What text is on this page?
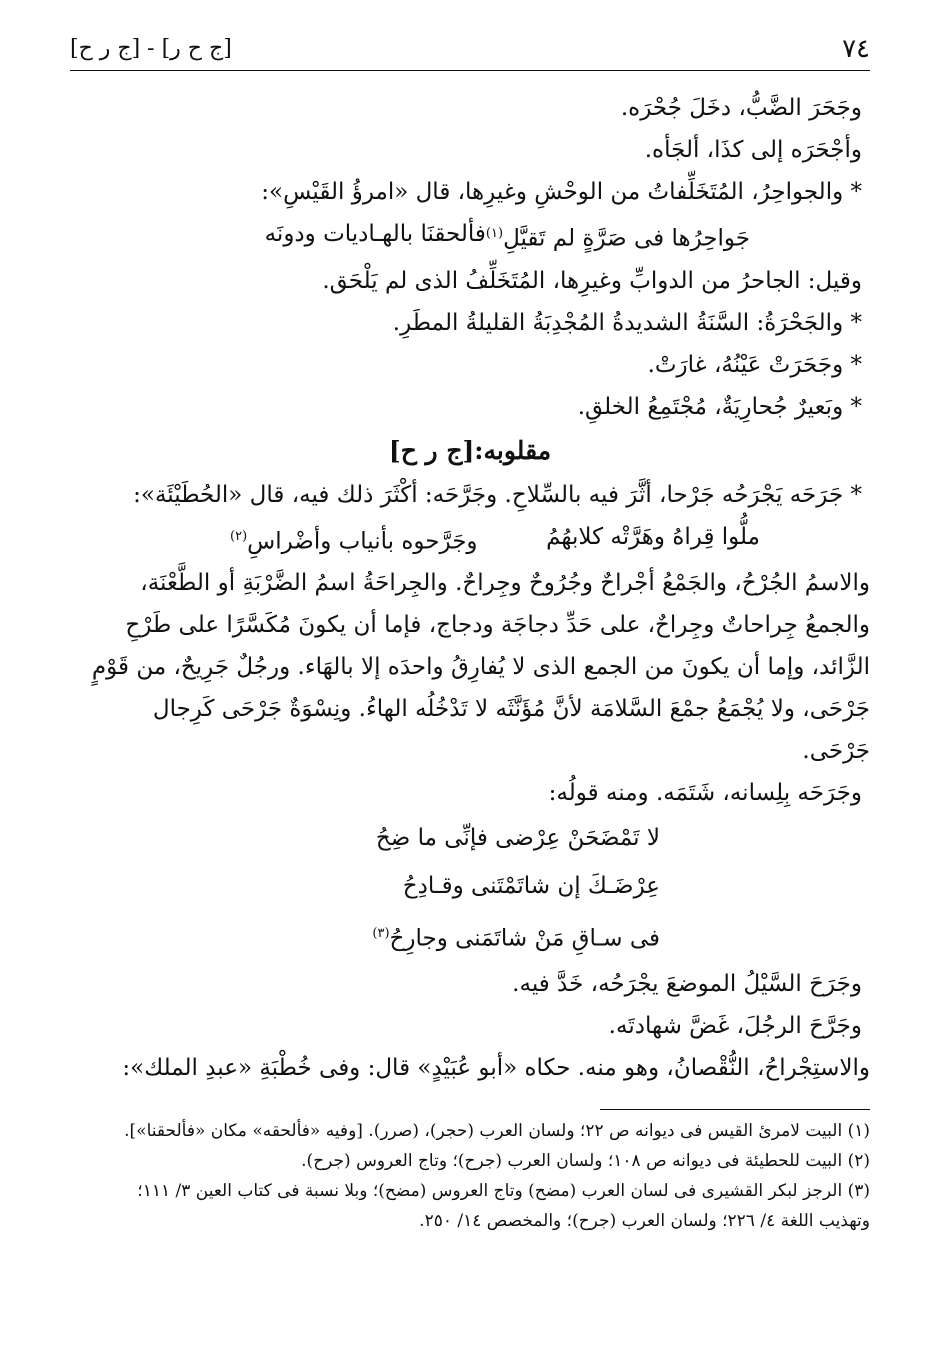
٧٤
[ج ح ر] - [ج ر ح]
وجَحَرَ الضَّبُّ، دخَلَ جُحْرَه.
وأجْحَرَه إلى كذَا، ألجَأه.
* والجواحِرُ، المُتَخَلِّفاتُ من الوحْشِ وغيرِها، قال «امرؤُ القَيْسِ»:
جَواحِرُها فى صَرَّةٍ لم تَقيَّلِ$^{(١)}$
فألحقنَا بالهـاديات ودونَه
وقيل: الجاحرُ من الدوابِّ وغيرِها، المُتَخَلِّفُ الذى لم يَلْحَق.
* والجَحْرَةُ: السَّنَةُ الشديدةُ المُجْدِبَةُ القليلةُ المطَرِ.
* وجَحَرَتْ عَيْنُهُ، غارَتْ.
* وبَعيرٌ جُحارِيَةٌ، مُجْتَمِعُ الخلقِ.
مقلوبه:[ج ر ح]
* جَرَحَه يَجْرَحُه جَرْحا، أثَّرَ فيه بالسِّلاحِ. وجَرَّحَه: أكْثَرَ ذلك فيه، قال «الحُطَيْئَة»:
ملُّوا قِراهُ وهَرَّتْه كلابهُمُ
وجَرَّحوه بأنياب وأضْراسِ$^{(٢)}$
والاسمُ الجُرْحُ، والجَمْعُ أجْراحٌ وجُرُوحٌ وجِراحٌ. والجِراحَةُ اسمُ الضَّرْبَةِ أو الطَّعْنَة،
والجمعُ جِراحاتٌ وجِراحٌ، على حَدِّ دجاجَة ودجاج، فإما أن يكونَ مُكَسَّرًا على طَرْحِ
الزَّائد، وإما أن يكونَ من الجمع الذى لا يُفارِقُ واحدَه إلا بالهَاء. ورجُلٌ جَرِيحٌ، من قَوْمٍ
جَرْحَى، ولا يُجْمَعُ جمْعَ السَّلامَة لأنَّ مُؤَنَّثَه لا تَدْخُلُه الهاءُ. ونِسْوَةٌ جَرْحَى كَرِجال
جَرْحَى.
وجَرَحَه بِلِسانه، شَتَمَه. ومنه قولُه:
لا تَمْضَحَنْ عِرْضى فإنِّى ما ضِحُ
عِرْضَـكَ إن شاتَمْتَنى وقـادِحُ
فى سـاقِ مَنْ شاتَمَنى وجارِحُ$^{(٣)}$
وجَرَحَ السَّيْلُ الموضعَ يجْرَحُه، خَدَّ فيه.
وجَرَّحَ الرجُلَ، غَضَّ شهادتَه.
والاستِجْراحُ، النُّقْصانُ، وهو منه. حكاه «أبو عُبَيْدٍ» قال: وفى خُطْبَةِ «عبدِ الملك»:
(١) البيت لامرئ القيس فى ديوانه ص ٢٢؛ ولسان العرب (حجر)، (صرر). [وفيه «فألحقه» مكان «فألحقنا»].
(٢) البيت للحطيئة فى ديوانه ص ١٠٨؛ ولسان العرب (جرح)؛ وتاج العروس (جرح).
(٣) الرجز لبكر القشيرى فى لسان العرب (مضح) وتاج العروس (مضح)؛ وبلا نسبة فى كتاب العين ٣/ ١١١؛
وتهذيب اللغة ٤/ ٢٢٦؛ ولسان العرب (جرح)؛ والمخصص ١٤/ ٢٥٠.
